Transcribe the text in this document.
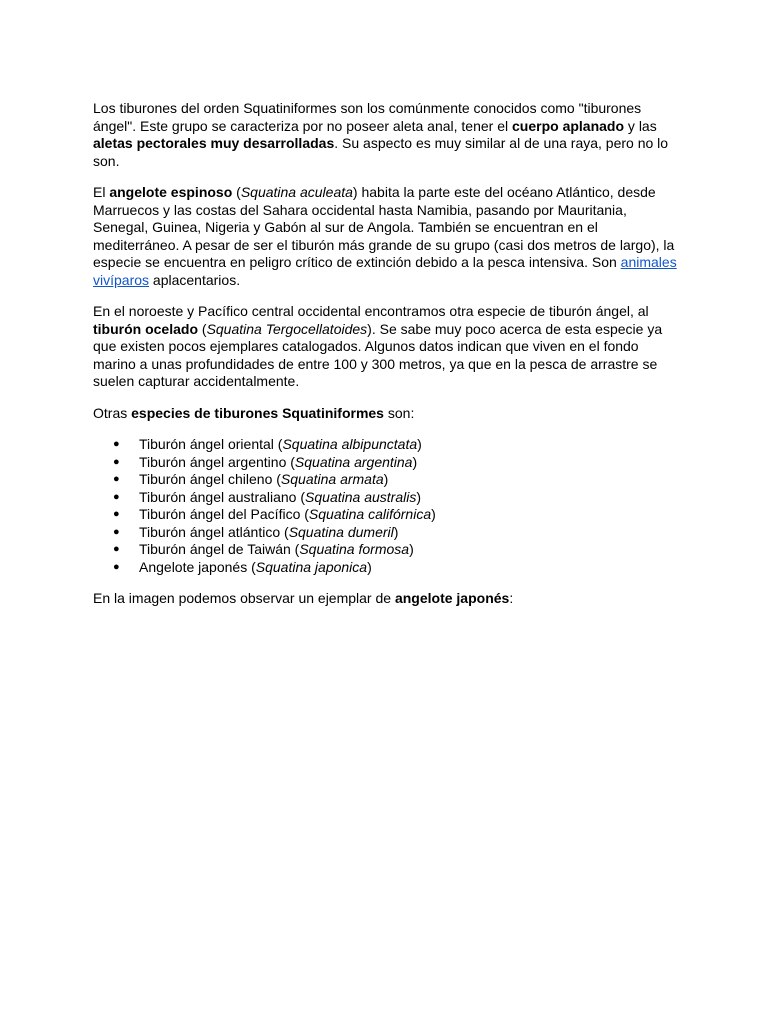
Los tiburones del orden Squatiniformes son los comúnmente conocidos como "tiburones ángel". Este grupo se caracteriza por no poseer aleta anal, tener el cuerpo aplanado y las aletas pectorales muy desarrolladas. Su aspecto es muy similar al de una raya, pero no lo son.

El angelote espinoso (Squatina aculeata) habita la parte este del océano Atlántico, desde Marruecos y las costas del Sahara occidental hasta Namibia, pasando por Mauritania, Senegal, Guinea, Nigeria y Gabón al sur de Angola. También se encuentran en el mediterráneo. A pesar de ser el tiburón más grande de su grupo (casi dos metros de largo), la especie se encuentra en peligro crítico de extinción debido a la pesca intensiva. Son animales vivíparos aplacentarios.

En el noroeste y Pacífico central occidental encontramos otra especie de tiburón ángel, al tiburón ocelado (Squatina Tergocellatoides). Se sabe muy poco acerca de esta especie ya que existen pocos ejemplares catalogados. Algunos datos indican que viven en el fondo marino a unas profundidades de entre 100 y 300 metros, ya que en la pesca de arrastre se suelen capturar accidentalmente.

Otras especies de tiburones Squatiniformes son:

● Tiburón ángel oriental (Squatina albipunctata)
● Tiburón ángel argentino (Squatina argentina)
● Tiburón ángel chileno (Squatina armata)
● Tiburón ángel australiano (Squatina australis)
● Tiburón ángel del Pacífico (Squatina califórnica)
● Tiburón ángel atlántico (Squatina dumeril)
● Tiburón ángel de Taiwán (Squatina formosa)
● Angelote japonés (Squatina japonica)

En la imagen podemos observar un ejemplar de angelote japonés:
